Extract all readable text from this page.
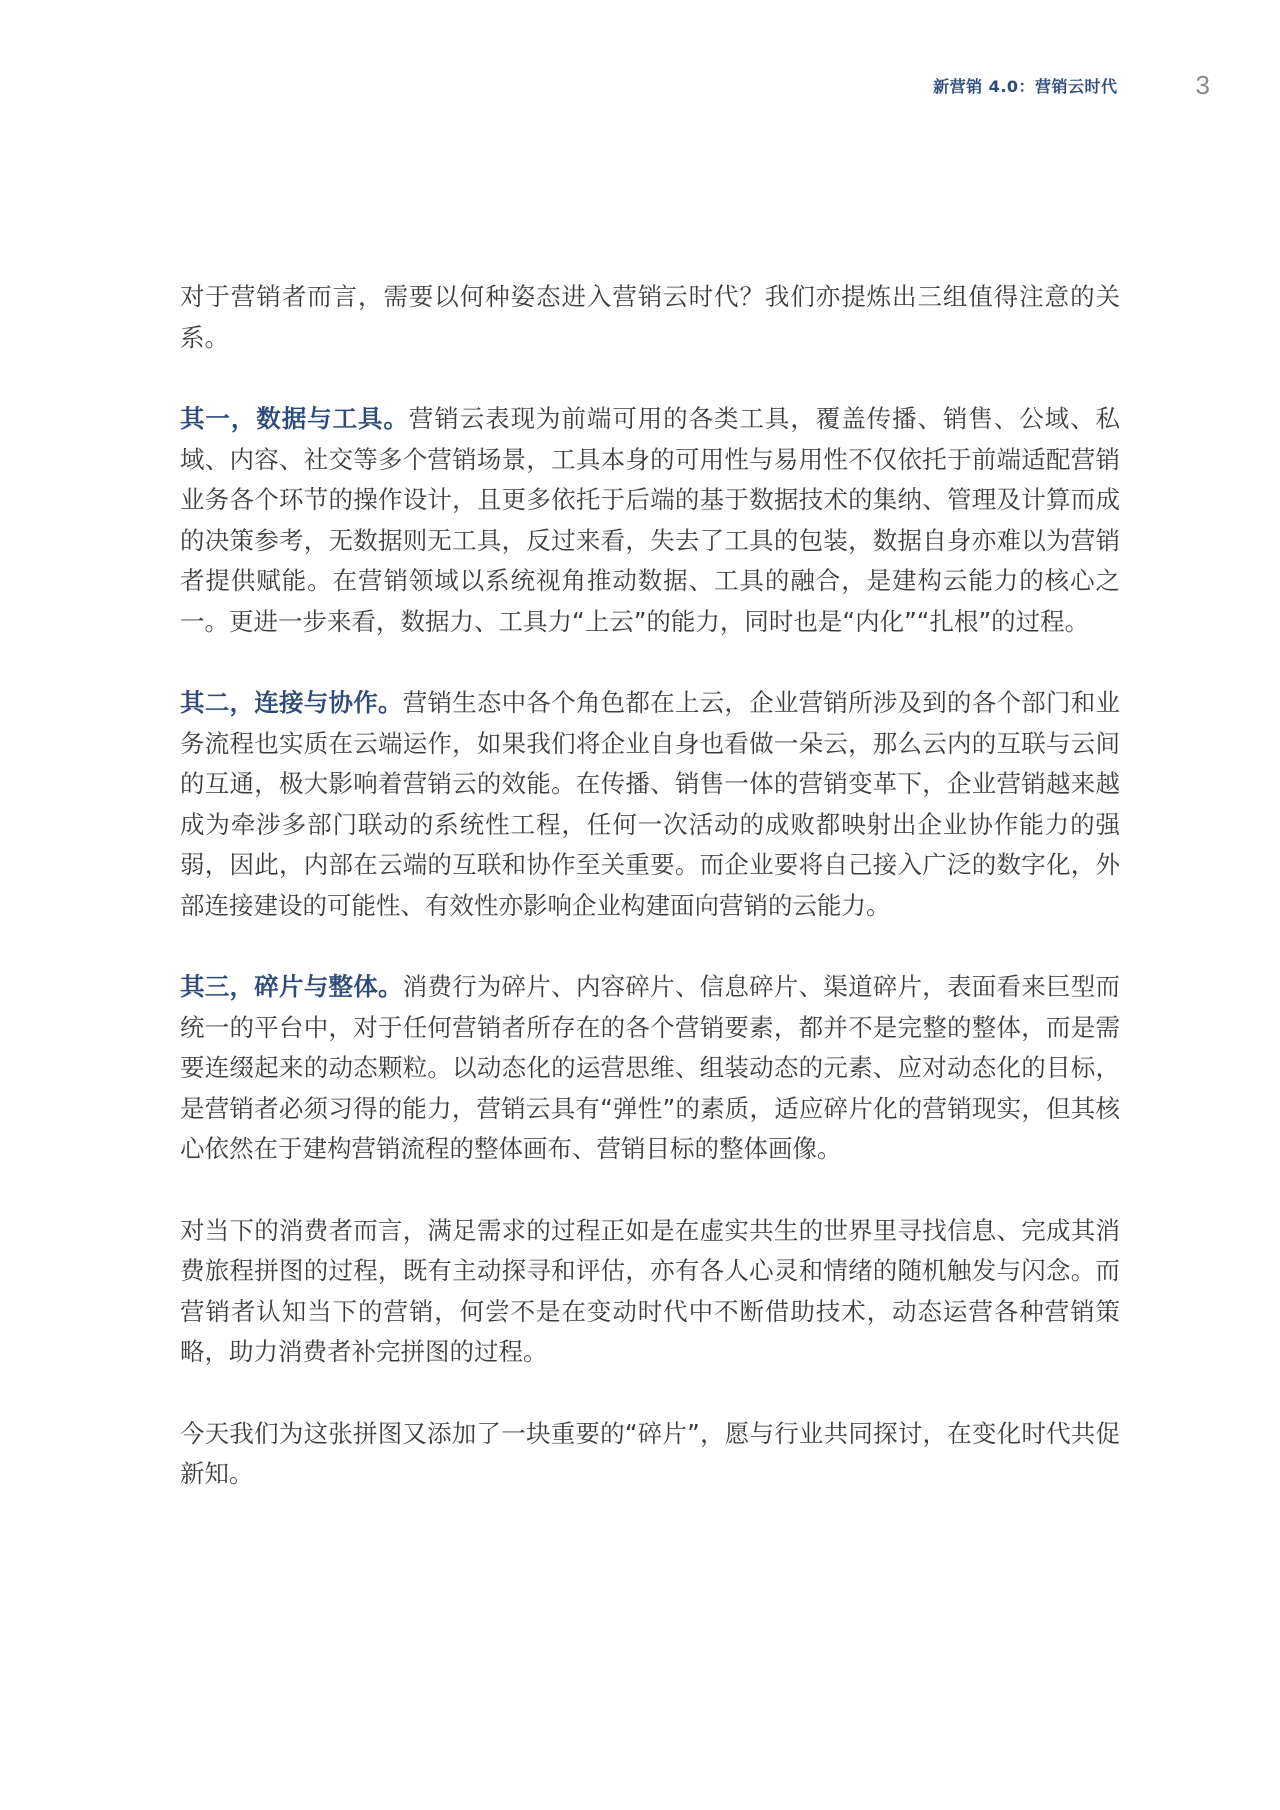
新营销 4.0：营销云时代	3

对于营销者而言，需要以何种姿态进入营销云时代？我们亦提炼出三组值得注意的关系。

其一，数据与工具。营销云表现为前端可用的各类工具，覆盖传播、销售、公域、私域、内容、社交等多个营销场景，工具本身的可用性与易用性不仅依托于前端适配营销业务各个环节的操作设计，且更多依托于后端的基于数据技术的集纳、管理及计算而成的决策参考，无数据则无工具，反过来看，失去了工具的包装，数据自身亦难以为营销者提供赋能。在营销领域以系统视角推动数据、工具的融合，是建构云能力的核心之一。更进一步来看，数据力、工具力“上云”的能力，同时也是“内化”“扎根”的过程。

其二，连接与协作。营销生态中各个角色都在上云，企业营销所涉及到的各个部门和业务流程也实质在云端运作，如果我们将企业自身也看做一朵云，那么云内的互联与云间的互通，极大影响着营销云的效能。在传播、销售一体的营销变革下，企业营销越来越成为牵涉多部门联动的系统性工程，任何一次活动的成败都映射出企业协作能力的强弱，因此，内部在云端的互联和协作至关重要。而企业要将自己接入广泛的数字化，外部连接建设的可能性、有效性亦影响企业构建面向营销的云能力。

其三，碎片与整体。消费行为碎片、内容碎片、信息碎片、渠道碎片，表面看来巨型而统一的平台中，对于任何营销者所存在的各个营销要素，都并不是完整的整体，而是需要连缀起来的动态颗粒。以动态化的运营思维、组装动态的元素、应对动态化的目标，是营销者必须习得的能力，营销云具有“弹性”的素质，适应碎片化的营销现实，但其核心依然在于建构营销流程的整体画布、营销目标的整体画像。

对当下的消费者而言，满足需求的过程正如是在虚实共生的世界里寻找信息、完成其消费旅程拼图的过程，既有主动探寻和评估，亦有各人心灵和情绪的随机触发与闪念。而营销者认知当下的营销，何尝不是在变动时代中不断借助技术，动态运营各种营销策略，助力消费者补完拼图的过程。

今天我们为这张拼图又添加了一块重要的“碎片”，愿与行业共同探讨，在变化时代共促新知。
